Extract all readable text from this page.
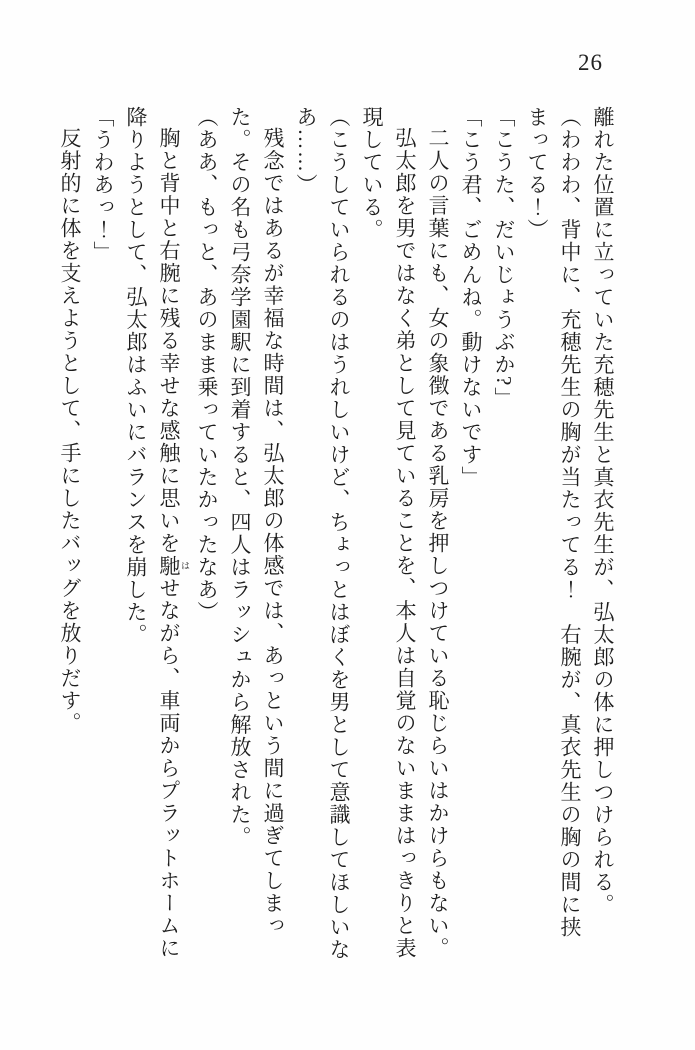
26

離れた位置に立っていた充穂先生と真衣先生が、弘太郎の体に押しつけられる。

（わわわ、背中に、充穂先生の胸が当たってる！　右腕が、真衣先生の胸の間に挟まってる！）

「こうた、だいじょうぶか?」

「こう君、ごめんね。動けないです」

二人の言葉にも、女の象徴である乳房を押しつけている恥じらいはかけらもない。

弘太郎を男ではなく弟として見ていることを、本人は自覚のないままはっきりと表現している。

（こうしていられるのはうれしいけど、ちょっとはぼくを男として意識してほしいなあ……）

残念ではあるが幸福な時間は、弘太郎の体感では、あっという間に過ぎてしまった。その名も弓奈学園駅に到着すると、四人はラッシュから解放された。

（ああ、もっと、あのまま乗っていたかったなあ）

胸と背中と右腕に残る幸せな感触に思いを馳 はせながら、車両からプラットホームに降りようとして、弘太郎はふいにバランスを崩した。

「うわあっ！」

反射的に体を支えようとして、手にしたバッグを放りだす。
